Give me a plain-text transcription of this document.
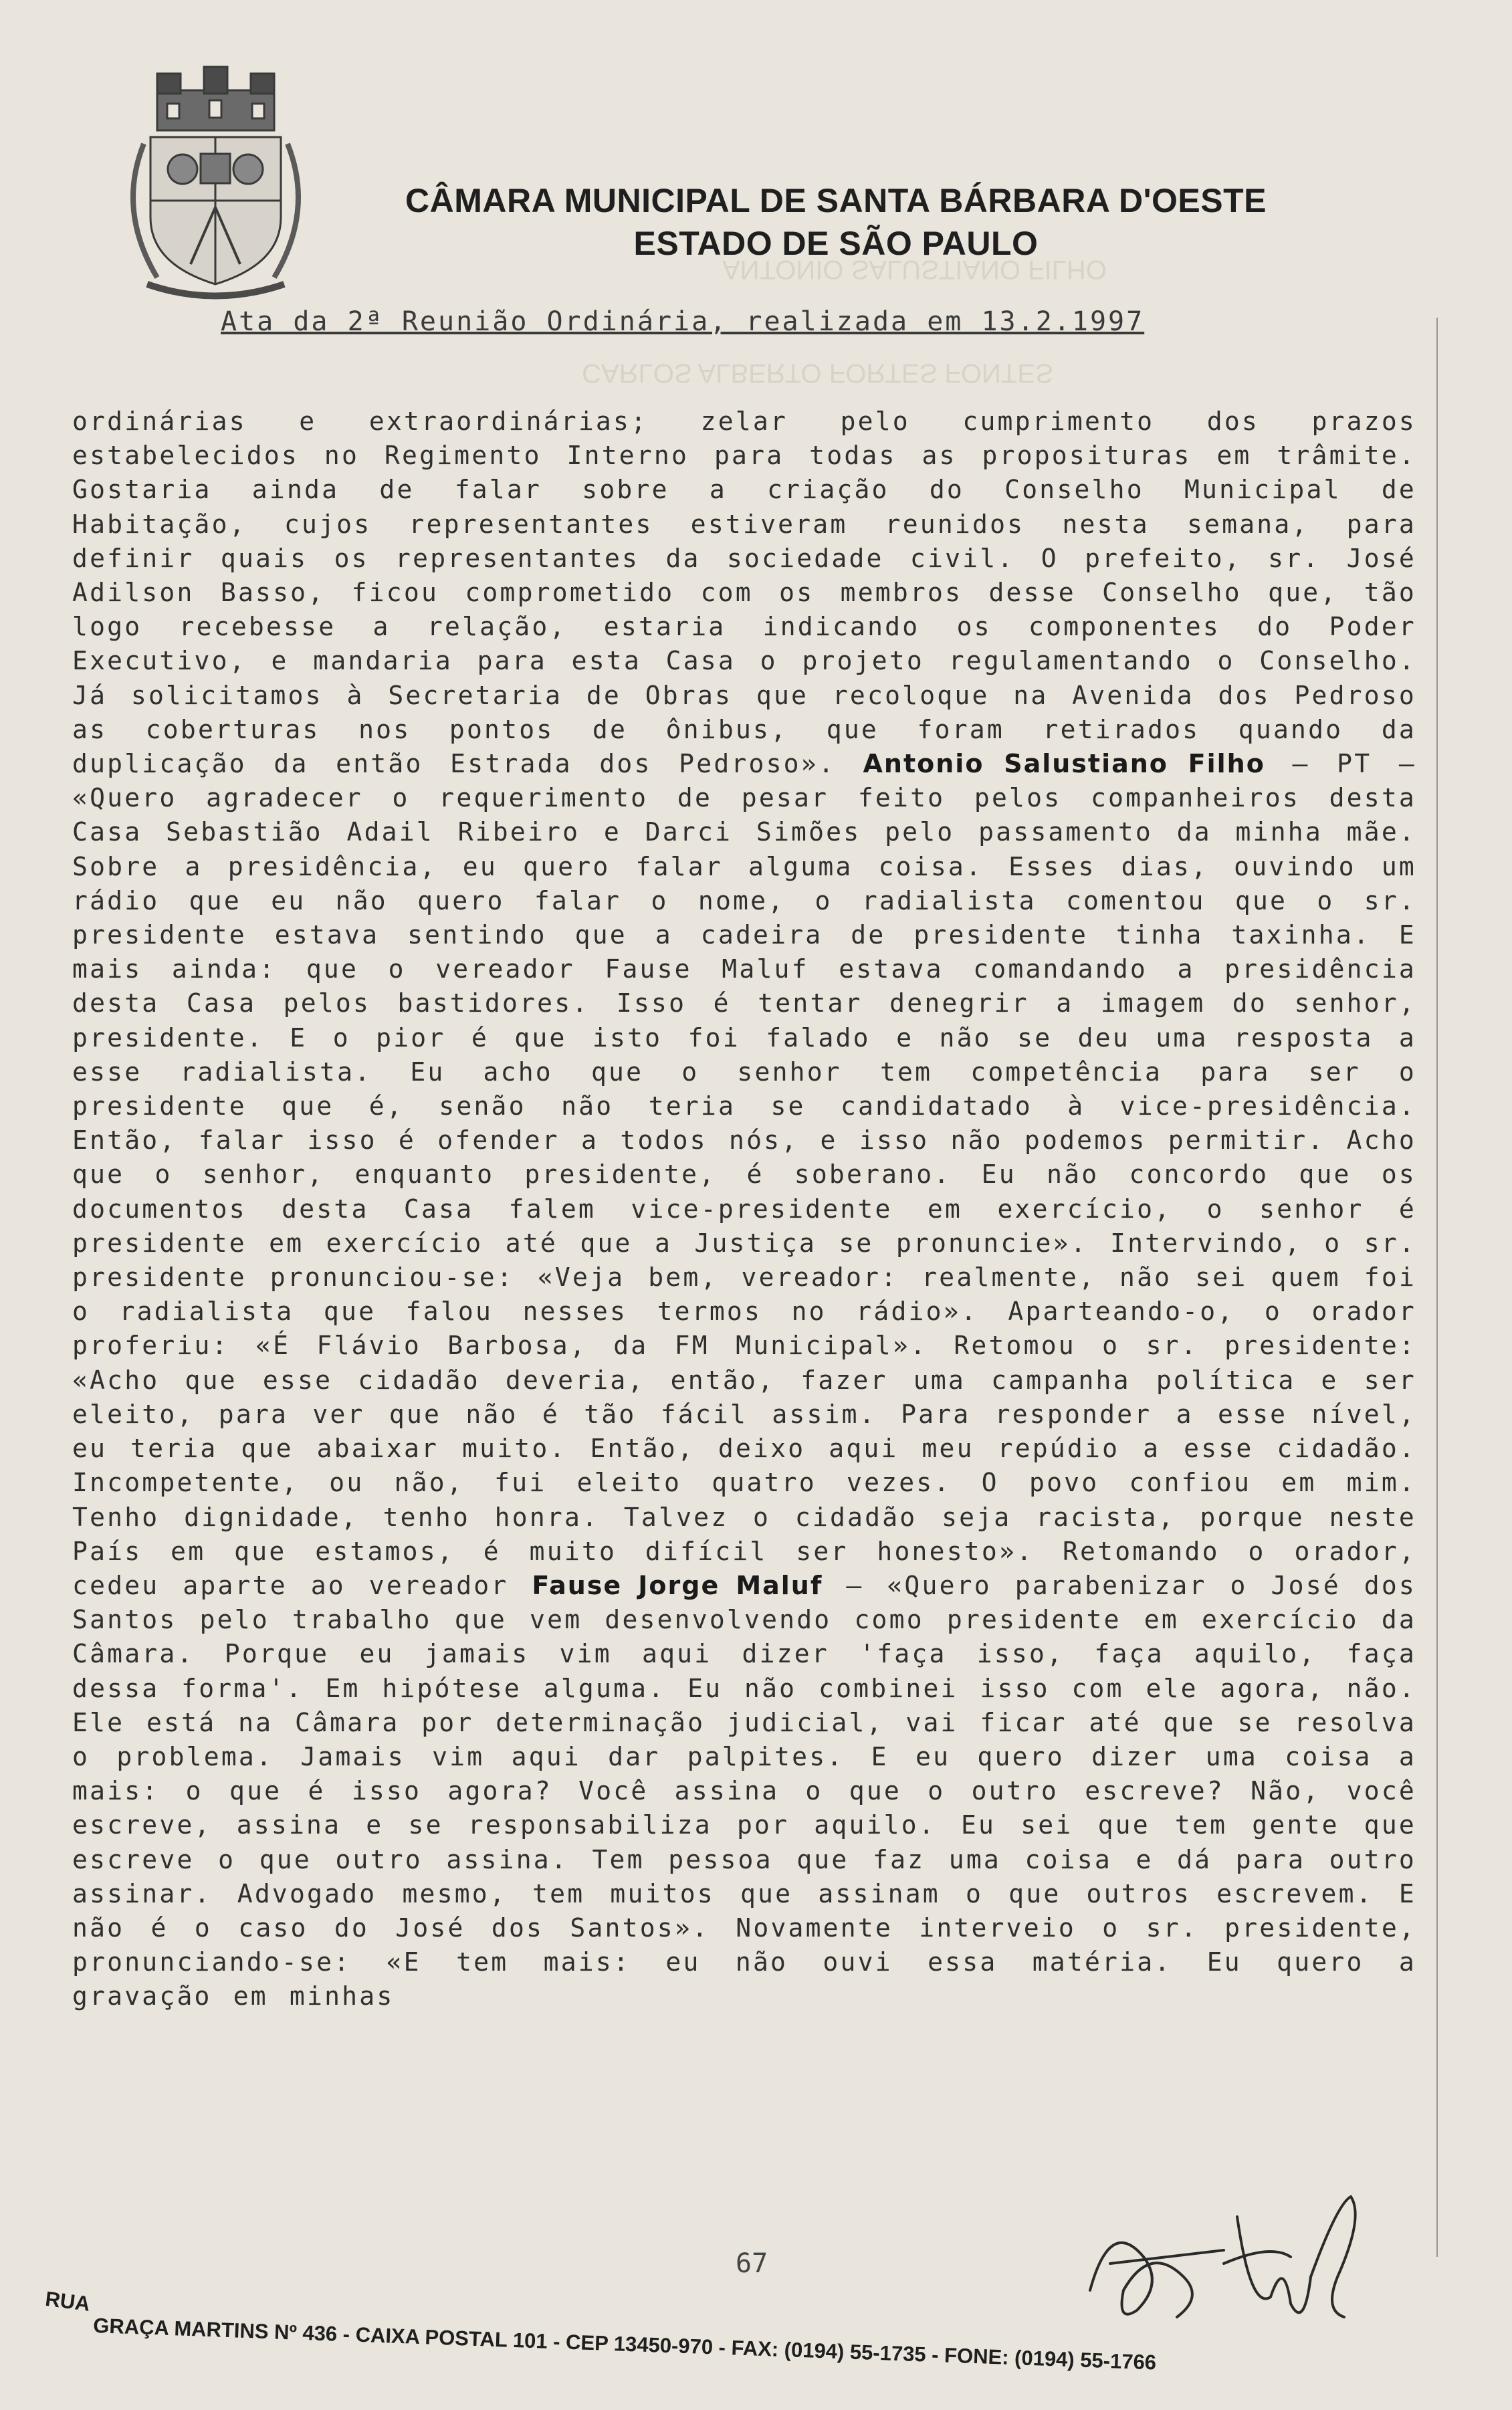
CÂMARA MUNICIPAL DE SANTA BÁRBARA D'OESTE
ESTADO DE SÃO PAULO
ANTONIO SALUSTIANO FILHO
CARLOS ALBERTO FORTES FONTES
Ata da 2ª Reunião Ordinária, realizada em 13.2.1997
ordinárias e extraordinárias; zelar pelo cumprimento dos prazos estabelecidos no Regimento Interno para todas as proposituras em trâmite. Gostaria ainda de falar sobre a criação do Conselho Municipal de Habitação, cujos representantes estiveram reunidos nesta semana, para definir quais os representantes da sociedade civil. O prefeito, sr. José Adilson Basso, ficou comprometido com os membros desse Conselho que, tão logo recebesse a relação, estaria indicando os componentes do Poder Executivo, e mandaria para esta Casa o projeto regulamentando o Conselho. Já solicitamos à Secretaria de Obras que recoloque na Avenida dos Pedroso as coberturas nos pontos de ônibus, que foram retirados quando da duplicação da então Estrada dos Pedroso». Antonio Salustiano Filho – PT – «Quero agradecer o requerimento de pesar feito pelos companheiros desta Casa Sebastião Adail Ribeiro e Darci Simões pelo passamento da minha mãe. Sobre a presidência, eu quero falar alguma coisa. Esses dias, ouvindo um rádio que eu não quero falar o nome, o radialista comentou que o sr. presidente estava sentindo que a cadeira de presidente tinha taxinha. E mais ainda: que o vereador Fause Maluf estava comandando a presidência desta Casa pelos bastidores. Isso é tentar denegrir a imagem do senhor, presidente. E o pior é que isto foi falado e não se deu uma resposta a esse radialista. Eu acho que o senhor tem competência para ser o presidente que é, senão não teria se candidatado à vice-presidência. Então, falar isso é ofender a todos nós, e isso não podemos permitir. Acho que o senhor, enquanto presidente, é soberano. Eu não concordo que os documentos desta Casa falem vice-presidente em exercício, o senhor é presidente em exercício até que a Justiça se pronuncie». Intervindo, o sr. presidente pronunciou-se: «Veja bem, vereador: realmente, não sei quem foi o radialista que falou nesses termos no rádio». Aparteando-o, o orador proferiu: «É Flávio Barbosa, da FM Municipal». Retomou o sr. presidente: «Acho que esse cidadão deveria, então, fazer uma campanha política e ser eleito, para ver que não é tão fácil assim. Para responder a esse nível, eu teria que abaixar muito. Então, deixo aqui meu repúdio a esse cidadão. Incompetente, ou não, fui eleito quatro vezes. O povo confiou em mim. Tenho dignidade, tenho honra. Talvez o cidadão seja racista, porque neste País em que estamos, é muito difícil ser honesto». Retomando o orador, cedeu aparte ao vereador Fause Jorge Maluf – «Quero parabenizar o José dos Santos pelo trabalho que vem desenvolvendo como presidente em exercício da Câmara. Porque eu jamais vim aqui dizer 'faça isso, faça aquilo, faça dessa forma'. Em hipótese alguma. Eu não combinei isso com ele agora, não. Ele está na Câmara por determinação judicial, vai ficar até que se resolva o problema. Jamais vim aqui dar palpites. E eu quero dizer uma coisa a mais: o que é isso agora? Você assina o que o outro escreve? Não, você escreve, assina e se responsabiliza por aquilo. Eu sei que tem gente que escreve o que outro assina. Tem pessoa que faz uma coisa e dá para outro assinar. Advogado mesmo, tem muitos que assinam o que outros escrevem. E não é o caso do José dos Santos». Novamente interveio o sr. presidente, pronunciando-se: «E tem mais: eu não ouvi essa matéria. Eu quero a gravação em minhas
67
RUA
GRAÇA MARTINS Nº 436 - CAIXA POSTAL 101 - CEP 13450-970 - FAX: (0194) 55-1735 - FONE: (0194) 55-1766
